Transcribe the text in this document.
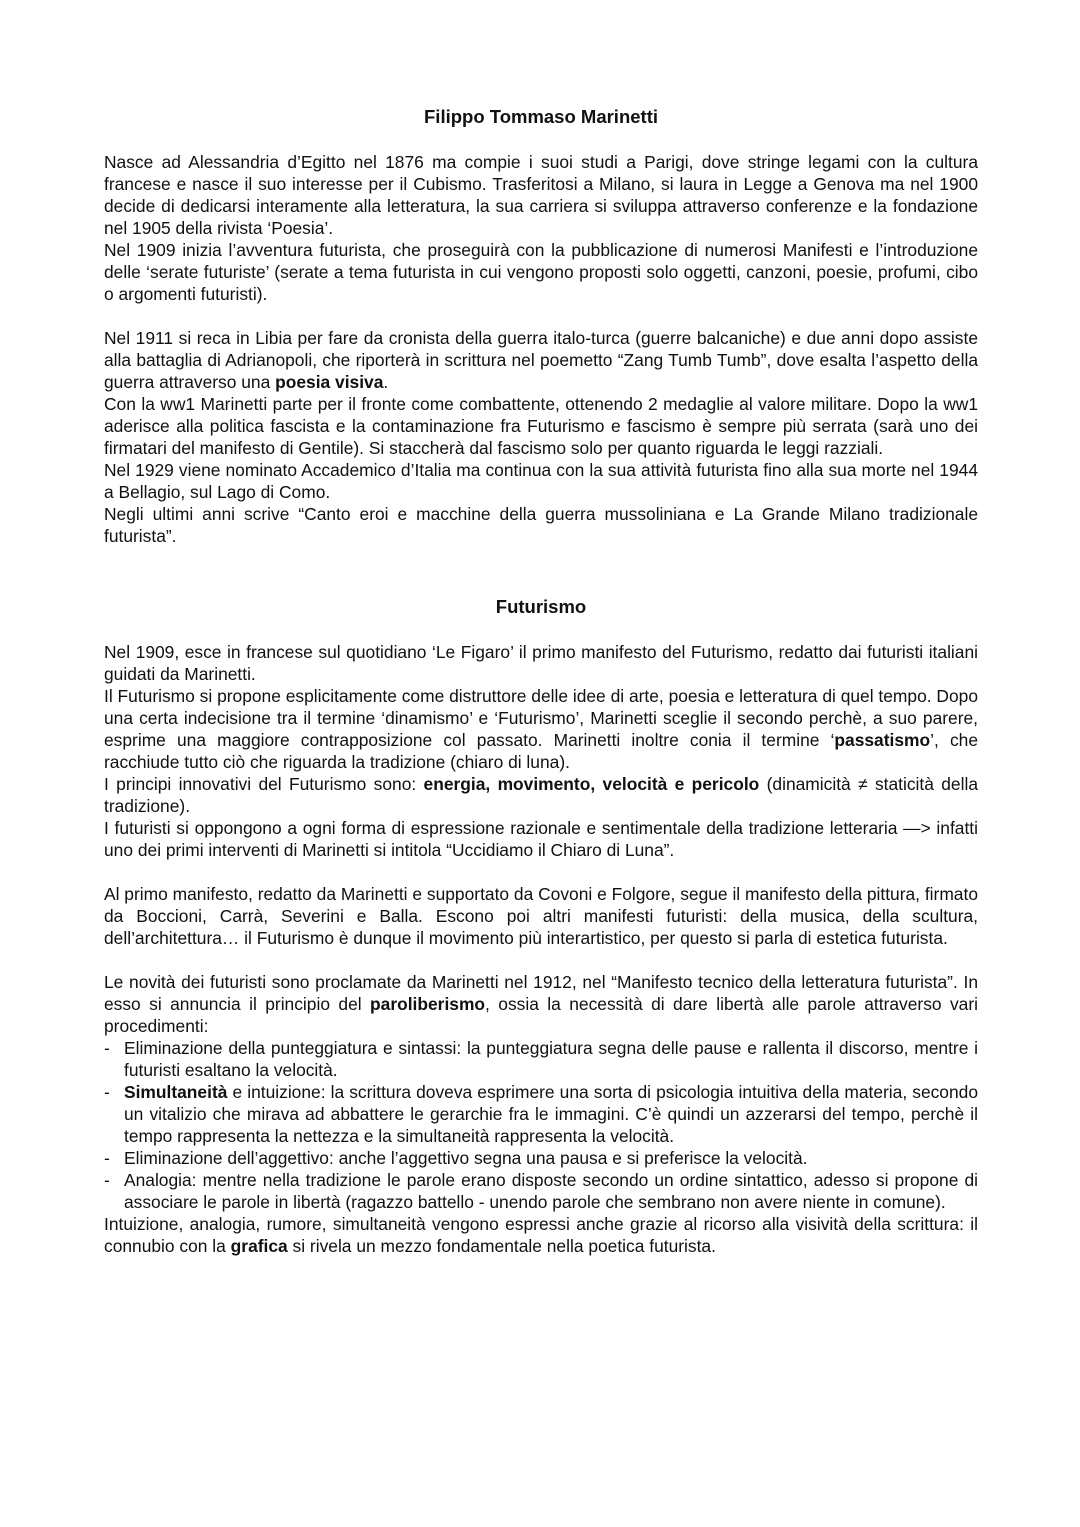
Filippo Tommaso Marinetti

Nasce ad Alessandria d’Egitto nel 1876 ma compie i suoi studi a Parigi, dove stringe legami con la cultura francese e nasce il suo interesse per il Cubismo. Trasferitosi a Milano, si laura in Legge a Genova ma nel 1900 decide di dedicarsi interamente alla letteratura, la sua carriera si sviluppa attraverso conferenze e la fondazione nel 1905 della rivista ‘Poesia’.

Nel 1909 inizia l’avventura futurista, che proseguirà con la pubblicazione di numerosi Manifesti e l’introduzione delle ‘serate futuriste’ (serate a tema futurista in cui vengono proposti solo oggetti, canzoni, poesie, profumi, cibo o argomenti futuristi).

Nel 1911 si reca in Libia per fare da cronista della guerra italo-turca (guerre balcaniche) e due anni dopo assiste alla battaglia di Adrianopoli, che riporterà in scrittura nel poemetto “Zang Tumb Tumb”, dove esalta l’aspetto della guerra attraverso una poesia visiva.

Con la ww1 Marinetti parte per il fronte come combattente, ottenendo 2 medaglie al valore militare. Dopo la ww1 aderisce alla politica fascista e la contaminazione fra Futurismo e fascismo è sempre più serrata (sarà uno dei firmatari del manifesto di Gentile). Si staccherà dal fascismo solo per quanto riguarda le leggi razziali.

Nel 1929 viene nominato Accademico d’Italia ma continua con la sua attività futurista fino alla sua morte nel 1944 a Bellagio, sul Lago di Como.

Negli ultimi anni scrive “Canto eroi e macchine della guerra mussoliniana e La Grande Milano tradizionale futurista”.

Futurismo

Nel 1909, esce in francese sul quotidiano ‘Le Figaro’ il primo manifesto del Futurismo, redatto dai futuristi italiani guidati da Marinetti.

Il Futurismo si propone esplicitamente come distruttore delle idee di arte, poesia e letteratura di quel tempo. Dopo una certa indecisione tra il termine ‘dinamismo’ e ‘Futurismo’, Marinetti sceglie il secondo perchè, a suo parere, esprime una maggiore contrapposizione col passato. Marinetti inoltre conia il termine ‘passatismo’, che racchiude tutto ciò che riguarda la tradizione (chiaro di luna).

I principi innovativi del Futurismo sono: energia, movimento, velocità e pericolo (dinamicità ≠ staticità della tradizione).

I futuristi si oppongono a ogni forma di espressione razionale e sentimentale della tradizione letteraria —> infatti uno dei primi interventi di Marinetti si intitola “Uccidiamo il Chiaro di Luna”.

Al primo manifesto, redatto da Marinetti e supportato da Covoni e Folgore, segue il manifesto della pittura, firmato da Boccioni, Carrà, Severini e Balla. Escono poi altri manifesti futuristi: della musica, della scultura, dell’architettura… il Futurismo è dunque il movimento più interartistico, per questo si parla di estetica futurista.

Le novità dei futuristi sono proclamate da Marinetti nel 1912, nel “Manifesto tecnico della letteratura futurista”. In esso si annuncia il principio del paroliberismo, ossia la necessità di dare libertà alle parole attraverso vari procedimenti:

- Eliminazione della punteggiatura e sintassi: la punteggiatura segna delle pause e rallenta il discorso, mentre i futuristi esaltano la velocità.
- Simultaneità e intuizione: la scrittura doveva esprimere una sorta di psicologia intuitiva della materia, secondo un vitalizio che mirava ad abbattere le gerarchie fra le immagini. C’è quindi un azzerarsi del tempo, perchè il tempo rappresenta la nettezza e la simultaneità rappresenta la velocità.
- Eliminazione dell’aggettivo: anche l’aggettivo segna una pausa e si preferisce la velocità.
- Analogia: mentre nella tradizione le parole erano disposte secondo un ordine sintattico, adesso si propone di associare le parole in libertà (ragazzo battello - unendo parole che sembrano non avere niente in comune).

Intuizione, analogia, rumore, simultaneità vengono espressi anche grazie al ricorso alla visività della scrittura: il connubio con la grafica si rivela un mezzo fondamentale nella poetica futurista.
